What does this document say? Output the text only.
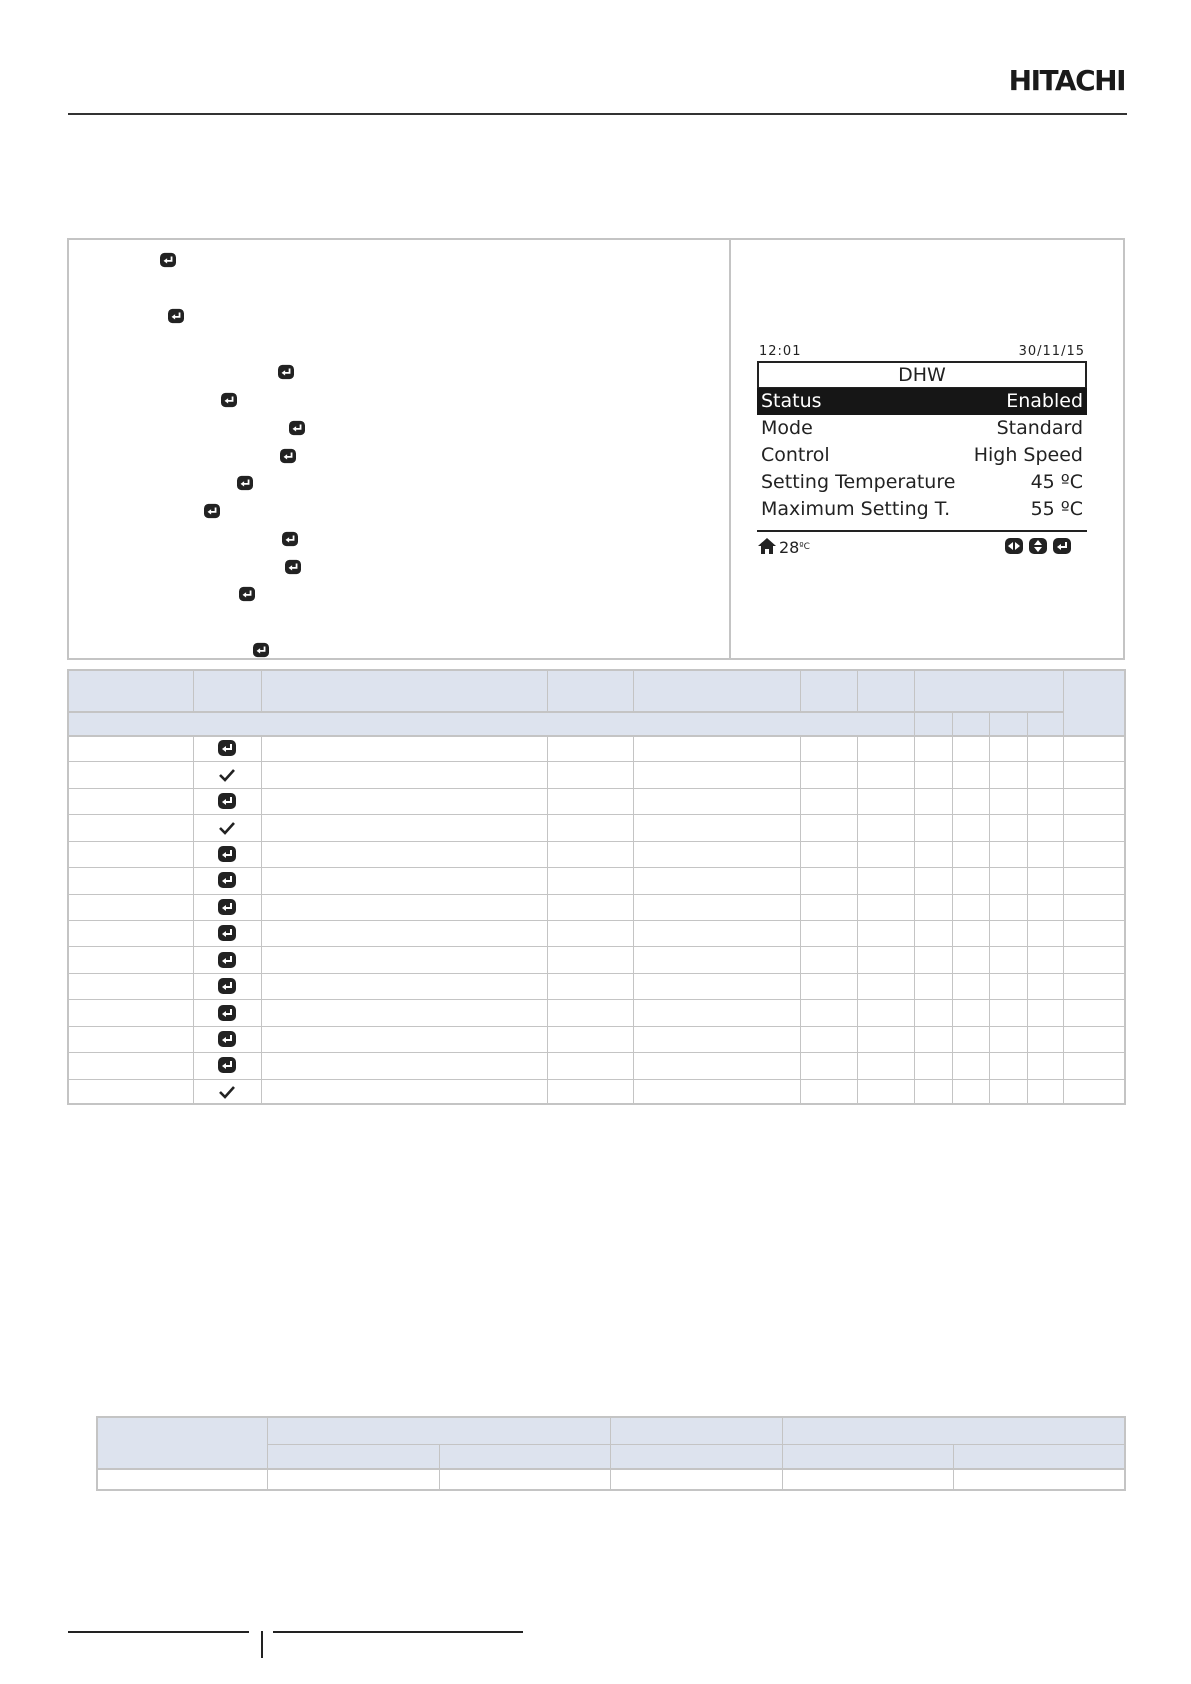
HITACHI
12:01	30/11/15
DHW
Status	Enabled
Mode	Standard
Control	High Speed
Setting Temperature	45 ºC
Maximum Setting T.	55 ºC
$28^{ºC}$
